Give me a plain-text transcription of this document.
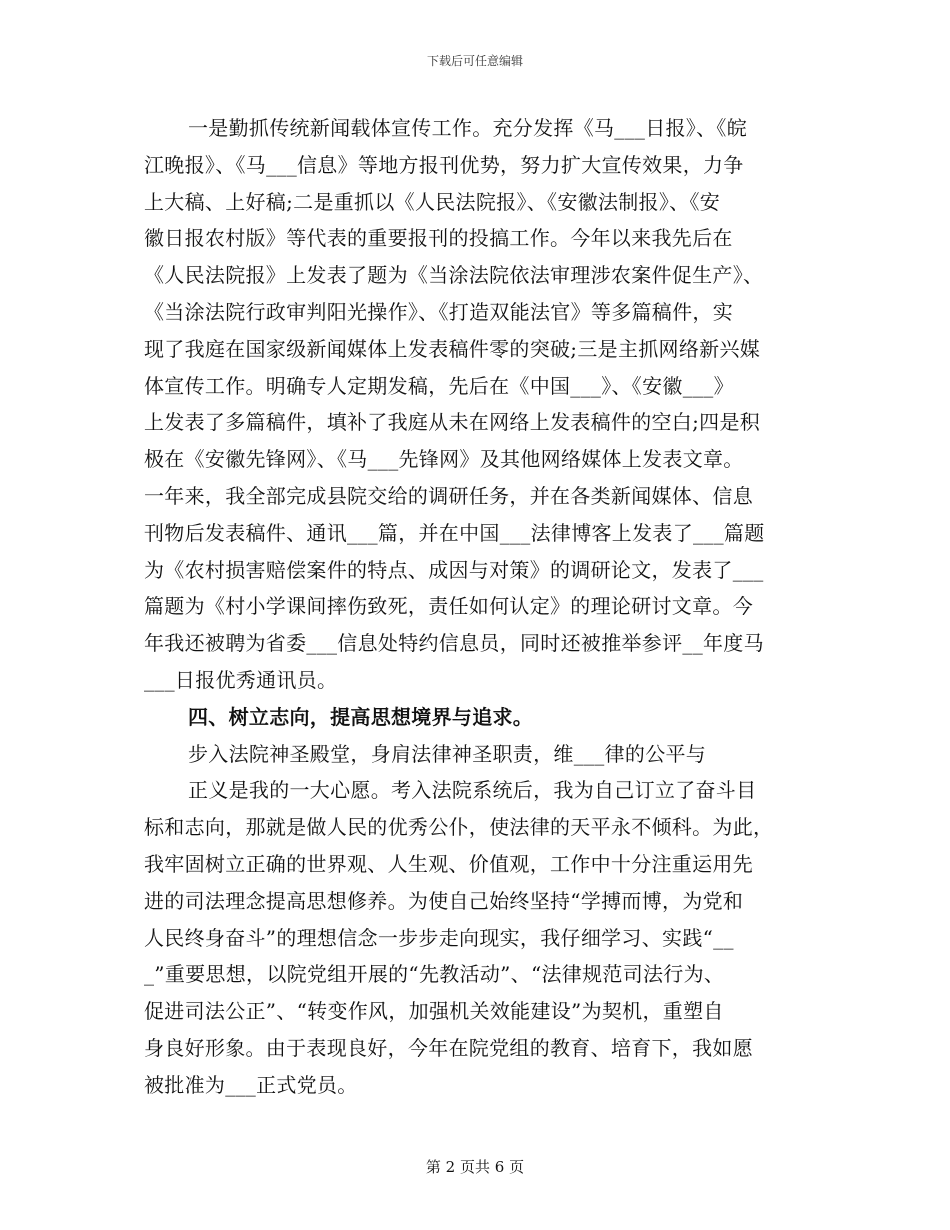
下载后可任意编辑
一是勤抓传统新闻载体宣传工作。充分发挥《马___日报》、《皖
江晚报》、《马___信息》等地方报刊优势，努力扩大宣传效果，力争
上大稿、上好稿;二是重抓以《人民法院报》、《安徽法制报》、《安
徽日报农村版》等代表的重要报刊的投搞工作。今年以来我先后在
《人民法院报》上发表了题为《当涂法院依法审理涉农案件促生产》、
《当涂法院行政审判阳光操作》、《打造双能法官》等多篇稿件，实
现了我庭在国家级新闻媒体上发表稿件零的突破;三是主抓网络新兴媒
体宣传工作。明确专人定期发稿，先后在《中国___》、《安徽___》
上发表了多篇稿件，填补了我庭从未在网络上发表稿件的空白;四是积
极在《安徽先锋网》、《马___先锋网》及其他网络媒体上发表文章。
一年来，我全部完成县院交给的调研任务，并在各类新闻媒体、信息
刊物后发表稿件、通讯___篇，并在中国___法律博客上发表了___篇题
为《农村损害赔偿案件的特点、成因与对策》的调研论文，发表了___
篇题为《村小学课间摔伤致死，责任如何认定》的理论研讨文章。今
年我还被聘为省委___信息处特约信息员，同时还被推举参评__年度马
___日报优秀通讯员。
四、树立志向，提高思想境界与追求。
步入法院神圣殿堂，身肩法律神圣职责，维___律的公平与
正义是我的一大心愿。考入法院系统后，我为自己订立了奋斗目
标和志向，那就是做人民的优秀公仆，使法律的天平永不倾科。为此，
我牢固树立正确的世界观、人生观、价值观，工作中十分注重运用先
进的司法理念提高思想修养。为使自己始终坚持“学搏而博，为党和
人民终身奋斗”的理想信念一步步走向现实，我仔细学习、实践“__
_”重要思想，以院党组开展的“先教活动”、“法律规范司法行为、
促进司法公正”、“转变作风，加强机关效能建设”为契机，重塑自
身良好形象。由于表现良好，今年在院党组的教育、培育下，我如愿
被批准为___正式党员。
第 2 页共 6 页
